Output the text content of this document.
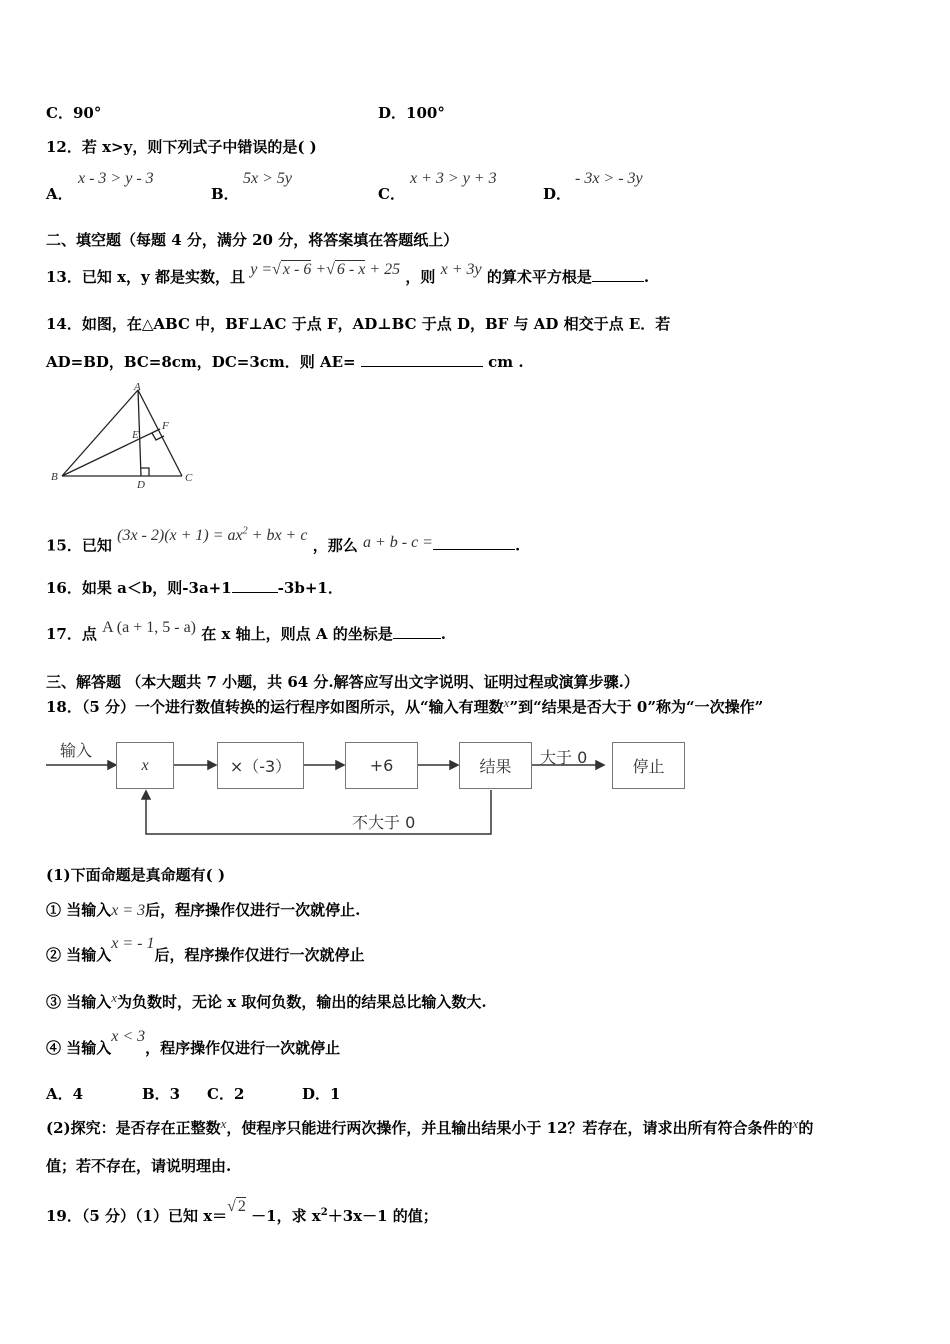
C．90°	D．100°
12．若 x>y，则下列式子中错误的是( )
A．
x - 3 > y - 3
B．
5x > 5y
C．
x + 3 > y + 3
D．
- 3x > - 3y
二、填空题（每题 4 分，满分 20 分，将答案填在答题纸上）
13．已知 x，y 都是实数，且 y =√ x - 6 +√ 6 - x + 25 ，则 x + 3y 的算术平方根是	.
14．如图，在△ABC 中，BF⊥AC 于点 F，AD⊥BC 于点 D，BF 与 AD 相交于点 E．若
AD=BD，BC=8cm，DC=3cm．则 AE=	cm .
A
B	C
D
E
F
15．已知 $(3x - 2)(x + 1) = ax^2$ + bx + c ，那么 a + b - c =	.
16．如果 a＜b，则-3a+1	-3b+1．
17．点 A (a + 1, 5 - a) 在 x 轴上，则点 A 的坐标是	.
三、解答题 （本大题共 7 小题，共 64 分.解答应写出文字说明、证明过程或演算步骤.）
18．（5 分）一个进行数值转换的运行程序如图所示，从“输入有理数x”到“结果是否大于 0”称为“一次操作”
输入
x	×（-3）	+6	结果	大于 0	停止
不大于 0
(1)下面命题是真命题有( )
① 当输入x = 3后，程序操作仅进行一次就停止.
② 当输入x = - 1后，程序操作仅进行一次就停止
③ 当输入x为负数时，无论 x 取何负数，输出的结果总比输入数大.
④ 当输入x < 3，程序操作仅进行一次就停止
A．4	B．3 C．2	D．1
(2)探究：是否存在正整数x，使程序只能进行两次操作，并且输出结果小于 12？若存在，请求出所有符合条件的x的
值；若不存在，请说明理由.
19．（5 分）（1）已知 x＝√ 2 －1，求 $x^2+3x-1$ 的值；
